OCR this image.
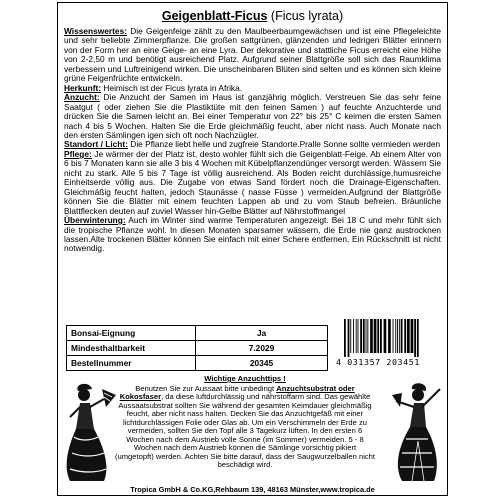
Geigenblatt-Ficus (Ficus lyrata)

Wissenswertes: Die Geigenfeige zählt zu den Maulbeerbaumgewächsen und ist eine Pflegeleichte und sehr beliebte Zimmerpflanze. Die großen sattgrünen, glänzenden und ledrigen Blätter erinnern von der Form her an eine Geige- an eine Lyra. Der dekorative und stattliche Ficus erreicht eine Höhe von 2-2,50 m und benötigt ausreichend Platz. Aufgrund seiner Blattgröße soll sich das Raumklima verbessern und Luftreinigend wirken. Die unscheinbaren Blüten sind selten und es können sich kleine grüne Feigenfrüchte entwickeln.

Herkunft: Heimisch ist der Ficus lyrata in Afrika.

Anzucht: Die Anzucht der Samen im Haus ist ganzjährig möglich. Verstreuen Sie das sehr feine Saatgut ( oder ziehen Sie die Plastiktüte mit den feinen Samen ) auf feuchte Anzuchterde und drücken Sie die Samen leicht an. Bei einer Temperatur von 22° bis 25° C keimen die ersten Samen nach 4 bis 5 Wochen. Halten Sie die Erde gleichmäßig feucht, aber nicht nass. Auch Monate nach den ersten Sämlingen igen sich oft noch Nachzügler.

Standort / Licht: Die Pflanze liebt helle und zugfreie Standorte.Pralle Sonne sollte vermieden werden

Pflege: Je wärmer der der Platz ist, desto wohler fühlt sich die Geigenblatt-Feige. Ab einem Alter von 6 bis 7 Monaten kann sie alle 3 bis 4 Wochen mit Kübelpflanzendünger versorgt werden. Wässern Sie nicht zu stark. Alle 5 bis 7 Tage ist völlig ausreichend. Als Boden reicht durchlässige,humusreiche Einheitserde völlig aus. Die Zugabe von etwas Sand fördert noch die Drainage-Eigenschaften. Gleichmäßig feucht halten, jedoch Staunässe ( nasse Füsse ) vermeiden.Aufgrund der Blattgröße können Sie die Blätter mit einem feuchten Lappen ab und zu vom Staub befreien. Bräunliche Blattflecken deuten auf zuviel Wasser hin-Gelbe Blätter auf Nährstoffmangel

Überwinterung: Auch im Winter sind warme Temperaturen angezeigt. Bei 18 C und mehr fühlt sich die tropische Pflanze wohl. In diesen Monaten sparsamer wässern, die Erde nie ganz austrocknen lassen.Alte trockenen Blätter können Sie einfach mit einer Schere entfernen. Ein Rückschnitt ist nicht notwendig.

Bonsai-Eignung	Ja
Mindesthaltbarkeit	7.2029
Bestellnummer	20345	4 031357 203451
Wichtige Anzuchttips !
Benutzen Sie zur Aussaat bitte unbedingt Anzuchtsubstrat oder Kokosfaser, da diese luftdurchlässig und nährstoffarm sind. Das gewählte Aussaatsubstrat sollten Sie während der gesamten Keimdauer gleichmäßig feucht, aber nicht nass halten. Decken Sie das Anzuchtgefäß mit einer lichtdurchlässigen Folie oder Glas ab. Um ein Verschimmeln der Erde zu vermeiden, sollten Sie den Topf alle 3 Tagekurz lüften. In den ersten 6 Wochen nach dem Austrieb volle Sonne (im Sommer) vermeiden. 5 - 8 Wochen nach dem Austrieb können die Sämlinge vorsichtig pikiert (umgetopft) werden. Achten Sie bitte darauf, dass der Saugwurzelballen nicht beschädigt wird.
Tropica GmbH & Co.KG,Rehbaum 139, 48163 Münster,www.tropica.de
